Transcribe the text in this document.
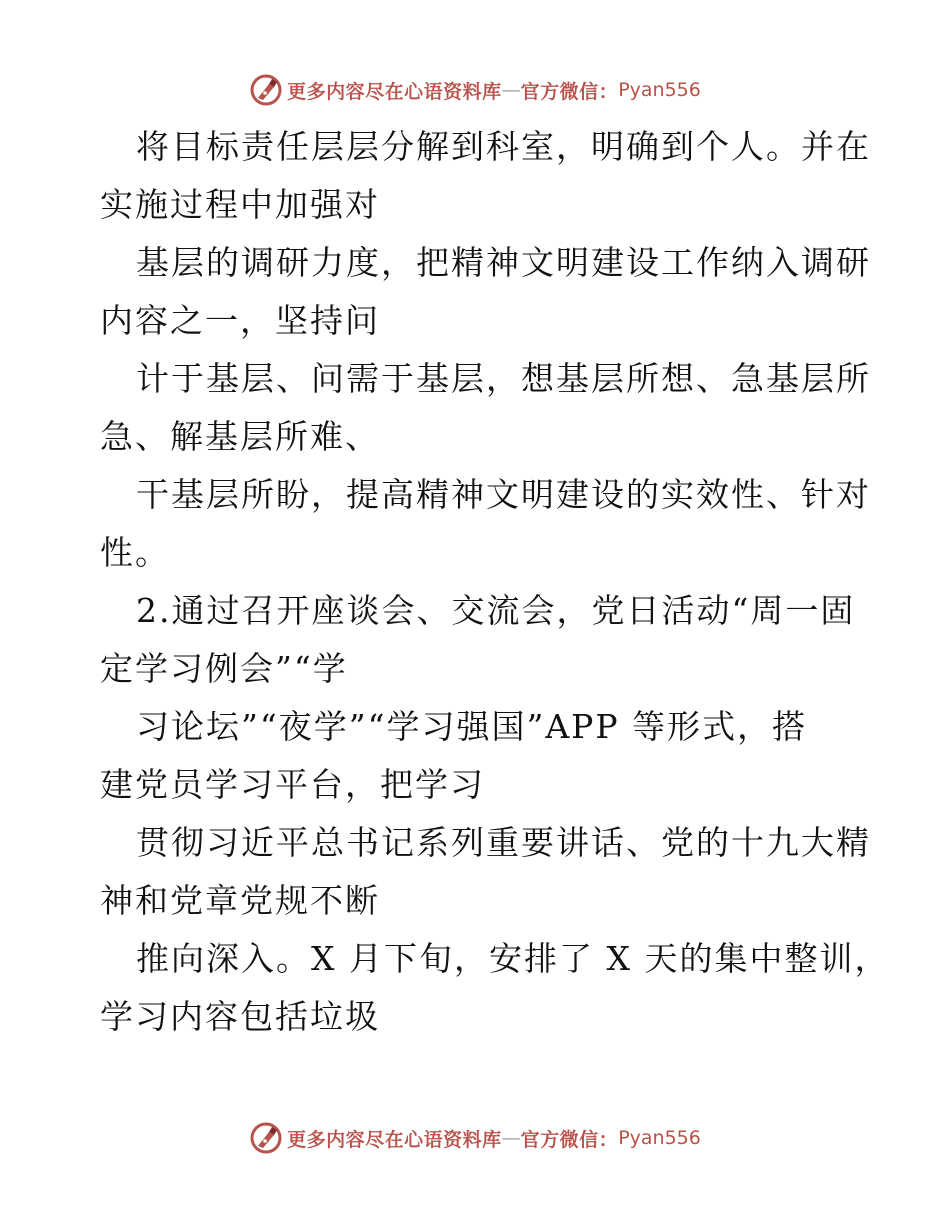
更多内容尽在心语资料库 — 官方微信： Pyan556

将目标责任层层分解到科室，明确到个人。并在
实施过程中加强对

基层的调研力度，把精神文明建设工作纳入调研
内容之一，坚持问

计于基层、问需于基层，想基层所想、急基层所
急、解基层所难、

干基层所盼，提高精神文明建设的实效性、针对
性。

2.通过召开座谈会、交流会，党日活动“周一固
定学习例会”“学

习论坛”“夜学”“学习强国”APP 等形式，搭
建党员学习平台，把学习

贯彻习近平总书记系列重要讲话、党的十九大精
神和党章党规不断

推向深入。X 月下旬，安排了 X 天的集中整训，
学习内容包括垃圾

更多内容尽在心语资料库 — 官方微信： Pyan556
